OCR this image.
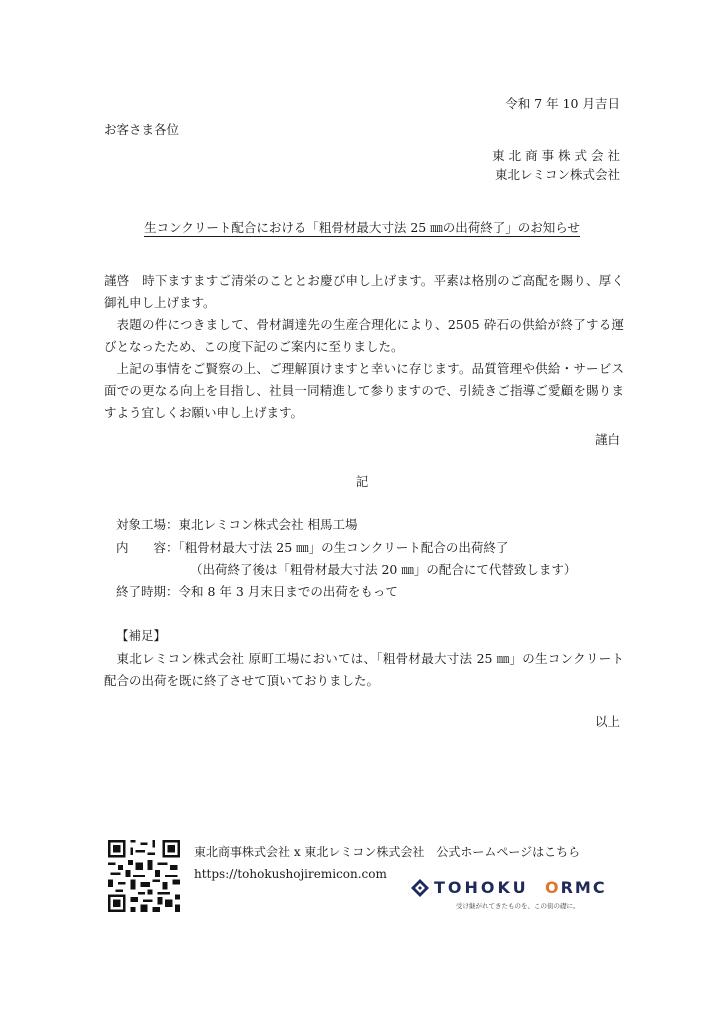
令和 7 年 10 月吉日
お客さま各位
東 北 商 事 株 式 会 社
東北レミコン株式会社
生コンクリート配合における「粗骨材最大寸法 25 ㎜の出荷終了」のお知らせ
謹啓　時下ますますご清栄のこととお慶び申し上げます。平素は格別のご高配を賜り、厚く御礼申し上げます。
表題の件につきまして、骨材調達先の生産合理化により、2505 砕石の供給が終了する運びとなったため、この度下記のご案内に至りました。
上記の事情をご賢察の上、ご理解頂けますと幸いに存じます。品質管理や供給・サービス面での更なる向上を目指し、社員一同精進して参りますので、引続きご指導ご愛顧を賜りますよう宜しくお願い申し上げます。
謹白
記
対象工場：東北レミコン株式会社 相馬工場
内　　容：「粗骨材最大寸法 25 ㎜」の生コンクリート配合の出荷終了
（出荷終了後は「粗骨材最大寸法 20 ㎜」の配合にて代替致します）
終了時期：令和 8 年 3 月末日までの出荷をもって
【補足】
東北レミコン株式会社 原町工場においては、「粗骨材最大寸法 25 ㎜」の生コンクリート配合の出荷を既に終了させて頂いておりました。
以上
東北商事株式会社 x 東北レミコン株式会社　公式ホームページはこちら
https://tohokushojiremicon.com
TOHOKU ORMC
受け継がれてきたものを、この街の礎に。
